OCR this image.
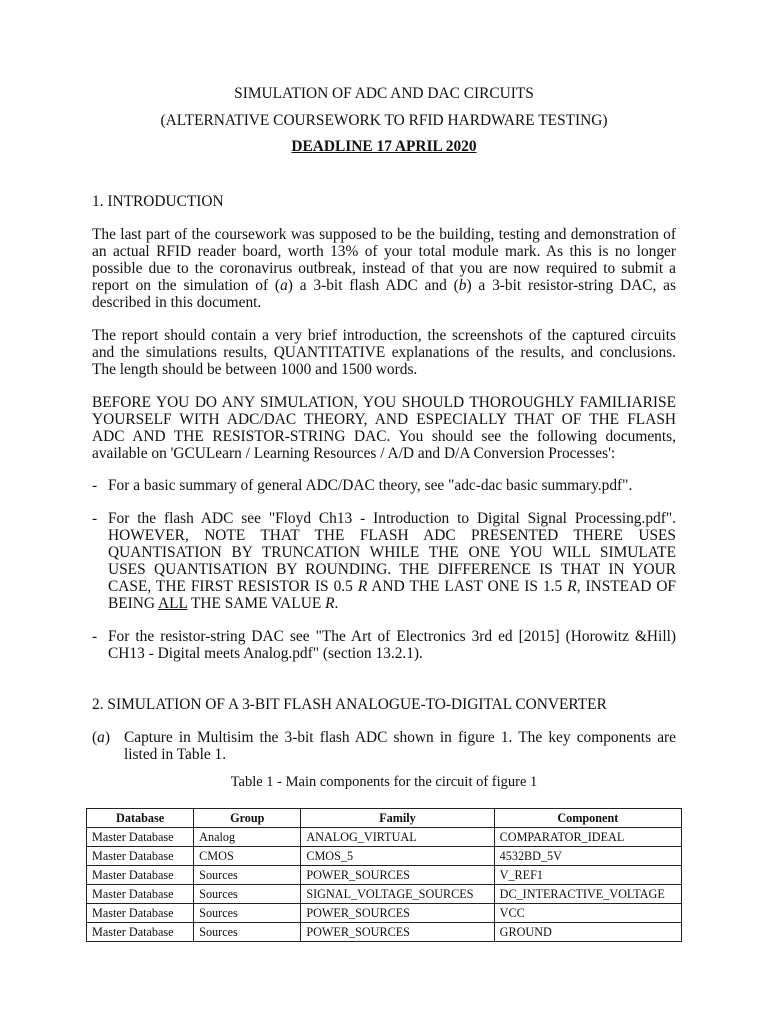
SIMULATION OF ADC AND DAC CIRCUITS
(ALTERNATIVE COURSEWORK TO RFID HARDWARE TESTING)
DEADLINE 17 APRIL 2020
1. INTRODUCTION
The last part of the coursework was supposed to be the building, testing and demonstration of
an actual RFID reader board, worth 13% of your total module mark. As this is no longer
possible due to the coronavirus outbreak, instead of that you are now required to submit a
report on the simulation of (a) a 3-bit flash ADC and (b) a 3-bit resistor-string DAC, as
described in this document.
The report should contain a very brief introduction, the screenshots of the captured circuits
and the simulations results, QUANTITATIVE explanations of the results, and conclusions.
The length should be between 1000 and 1500 words.
BEFORE YOU DO ANY SIMULATION, YOU SHOULD THOROUGHLY FAMILIARISE
YOURSELF WITH ADC/DAC THEORY, AND ESPECIALLY THAT OF THE FLASH
ADC AND THE RESISTOR-STRING DAC. You should see the following documents,
available on 'GCULearn / Learning Resources / A/D and D/A Conversion Processes':
- For a basic summary of general ADC/DAC theory, see "adc-dac basic summary.pdf".
- For the flash ADC see "Floyd Ch13 - Introduction to Digital Signal Processing.pdf".
HOWEVER, NOTE THAT THE FLASH ADC PRESENTED THERE USES
QUANTISATION BY TRUNCATION WHILE THE ONE YOU WILL SIMULATE
USES QUANTISATION BY ROUNDING. THE DIFFERENCE IS THAT IN YOUR
CASE, THE FIRST RESISTOR IS 0.5 R AND THE LAST ONE IS 1.5 R, INSTEAD OF
BEING ALL THE SAME VALUE R.
- For the resistor-string DAC see "The Art of Electronics 3rd ed [2015] (Horowitz &Hill)
CH13 - Digital meets Analog.pdf" (section 13.2.1).
2. SIMULATION OF A 3-BIT FLASH ANALOGUE-TO-DIGITAL CONVERTER
(a) Capture in Multisim the 3-bit flash ADC shown in figure 1. The key components are
listed in Table 1.
Table 1 - Main components for the circuit of figure 1
Database	Group	Family	Component
Master Database	Analog	ANALOG_VIRTUAL	COMPARATOR_IDEAL
Master Database	CMOS	CMOS_5	4532BD_5V
Master Database	Sources	POWER_SOURCES	V_REF1
Master Database	Sources	SIGNAL_VOLTAGE_SOURCES	DC_INTERACTIVE_VOLTAGE
Master Database	Sources	POWER_SOURCES	VCC
Master Database	Sources	POWER_SOURCES	GROUND
